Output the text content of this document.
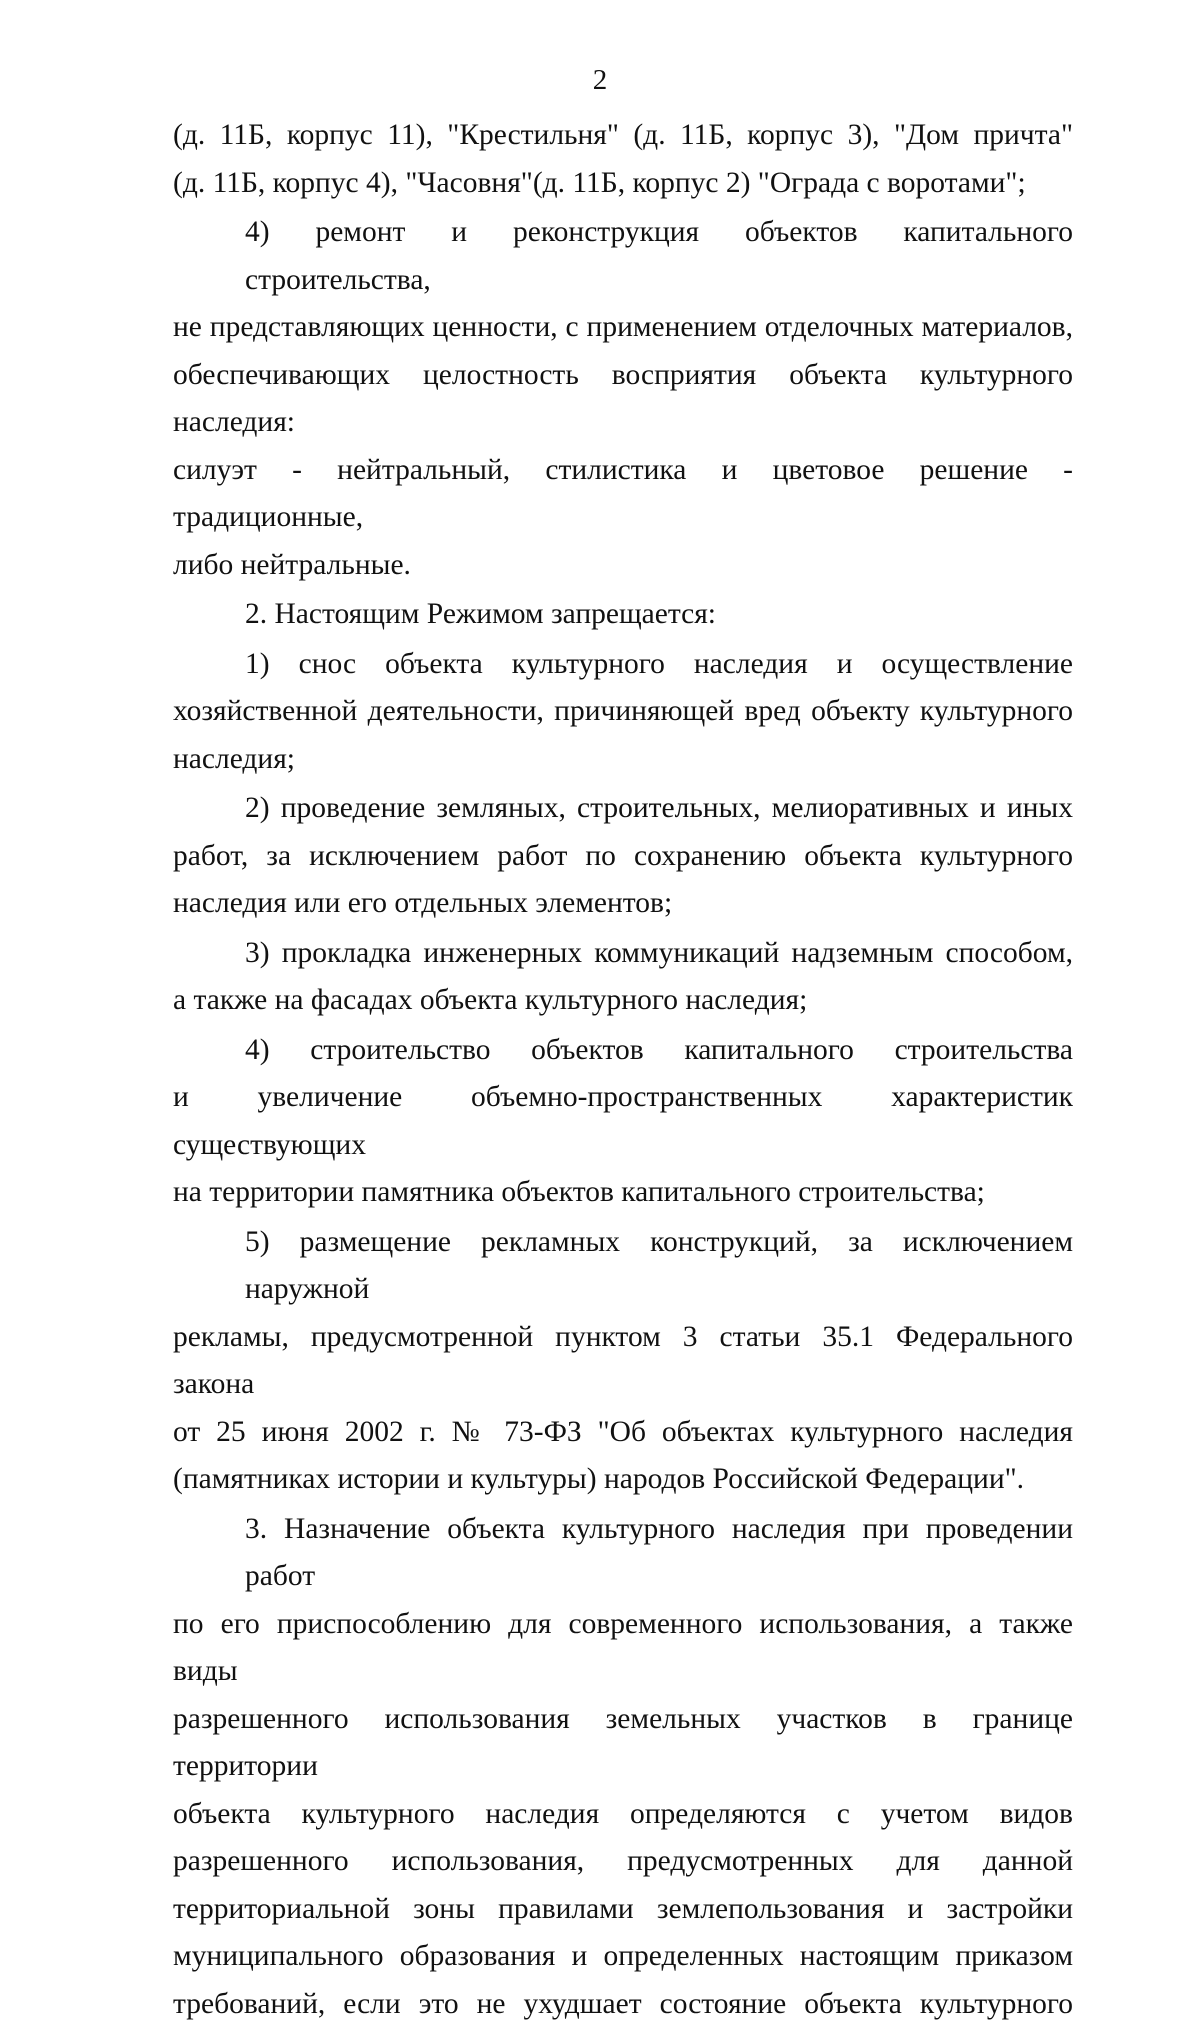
2
(д. 11Б, корпус 11), "Крестильня" (д. 11Б, корпус 3), "Дом причта"
(д. 11Б, корпус 4), "Часовня"(д. 11Б, корпус 2) "Ограда с воротами";
4) ремонт и реконструкция объектов капитального строительства,
не представляющих ценности, с применением отделочных материалов,
обеспечивающих целостность восприятия объекта культурного наследия:
силуэт - нейтральный, стилистика и цветовое решение - традиционные,
либо нейтральные.
2. Настоящим Режимом запрещается:
1) снос объекта культурного наследия и осуществление
хозяйственной деятельности, причиняющей вред объекту культурного
наследия;
2) проведение земляных, строительных, мелиоративных и иных
работ, за исключением работ по сохранению объекта культурного
наследия или его отдельных элементов;
3) прокладка инженерных коммуникаций надземным способом,
а также на фасадах объекта культурного наследия;
4) строительство объектов капитального строительства
и увеличение объемно-пространственных характеристик существующих
на территории памятника объектов капитального строительства;
5) размещение рекламных конструкций, за исключением наружной
рекламы, предусмотренной пунктом 3 статьи 35.1 Федерального закона
от 25 июня 2002 г. № 73-ФЗ "Об объектах культурного наследия
(памятниках истории и культуры) народов Российской Федерации".
3. Назначение объекта культурного наследия при проведении работ
по его приспособлению для современного использования, а также виды
разрешенного использования земельных участков в границе территории
объекта культурного наследия определяются с учетом видов
разрешенного использования, предусмотренных для данной
территориальной зоны правилами землепользования и застройки
муниципального образования и определенных настоящим приказом
требований, если это не ухудшает состояние объекта культурного
